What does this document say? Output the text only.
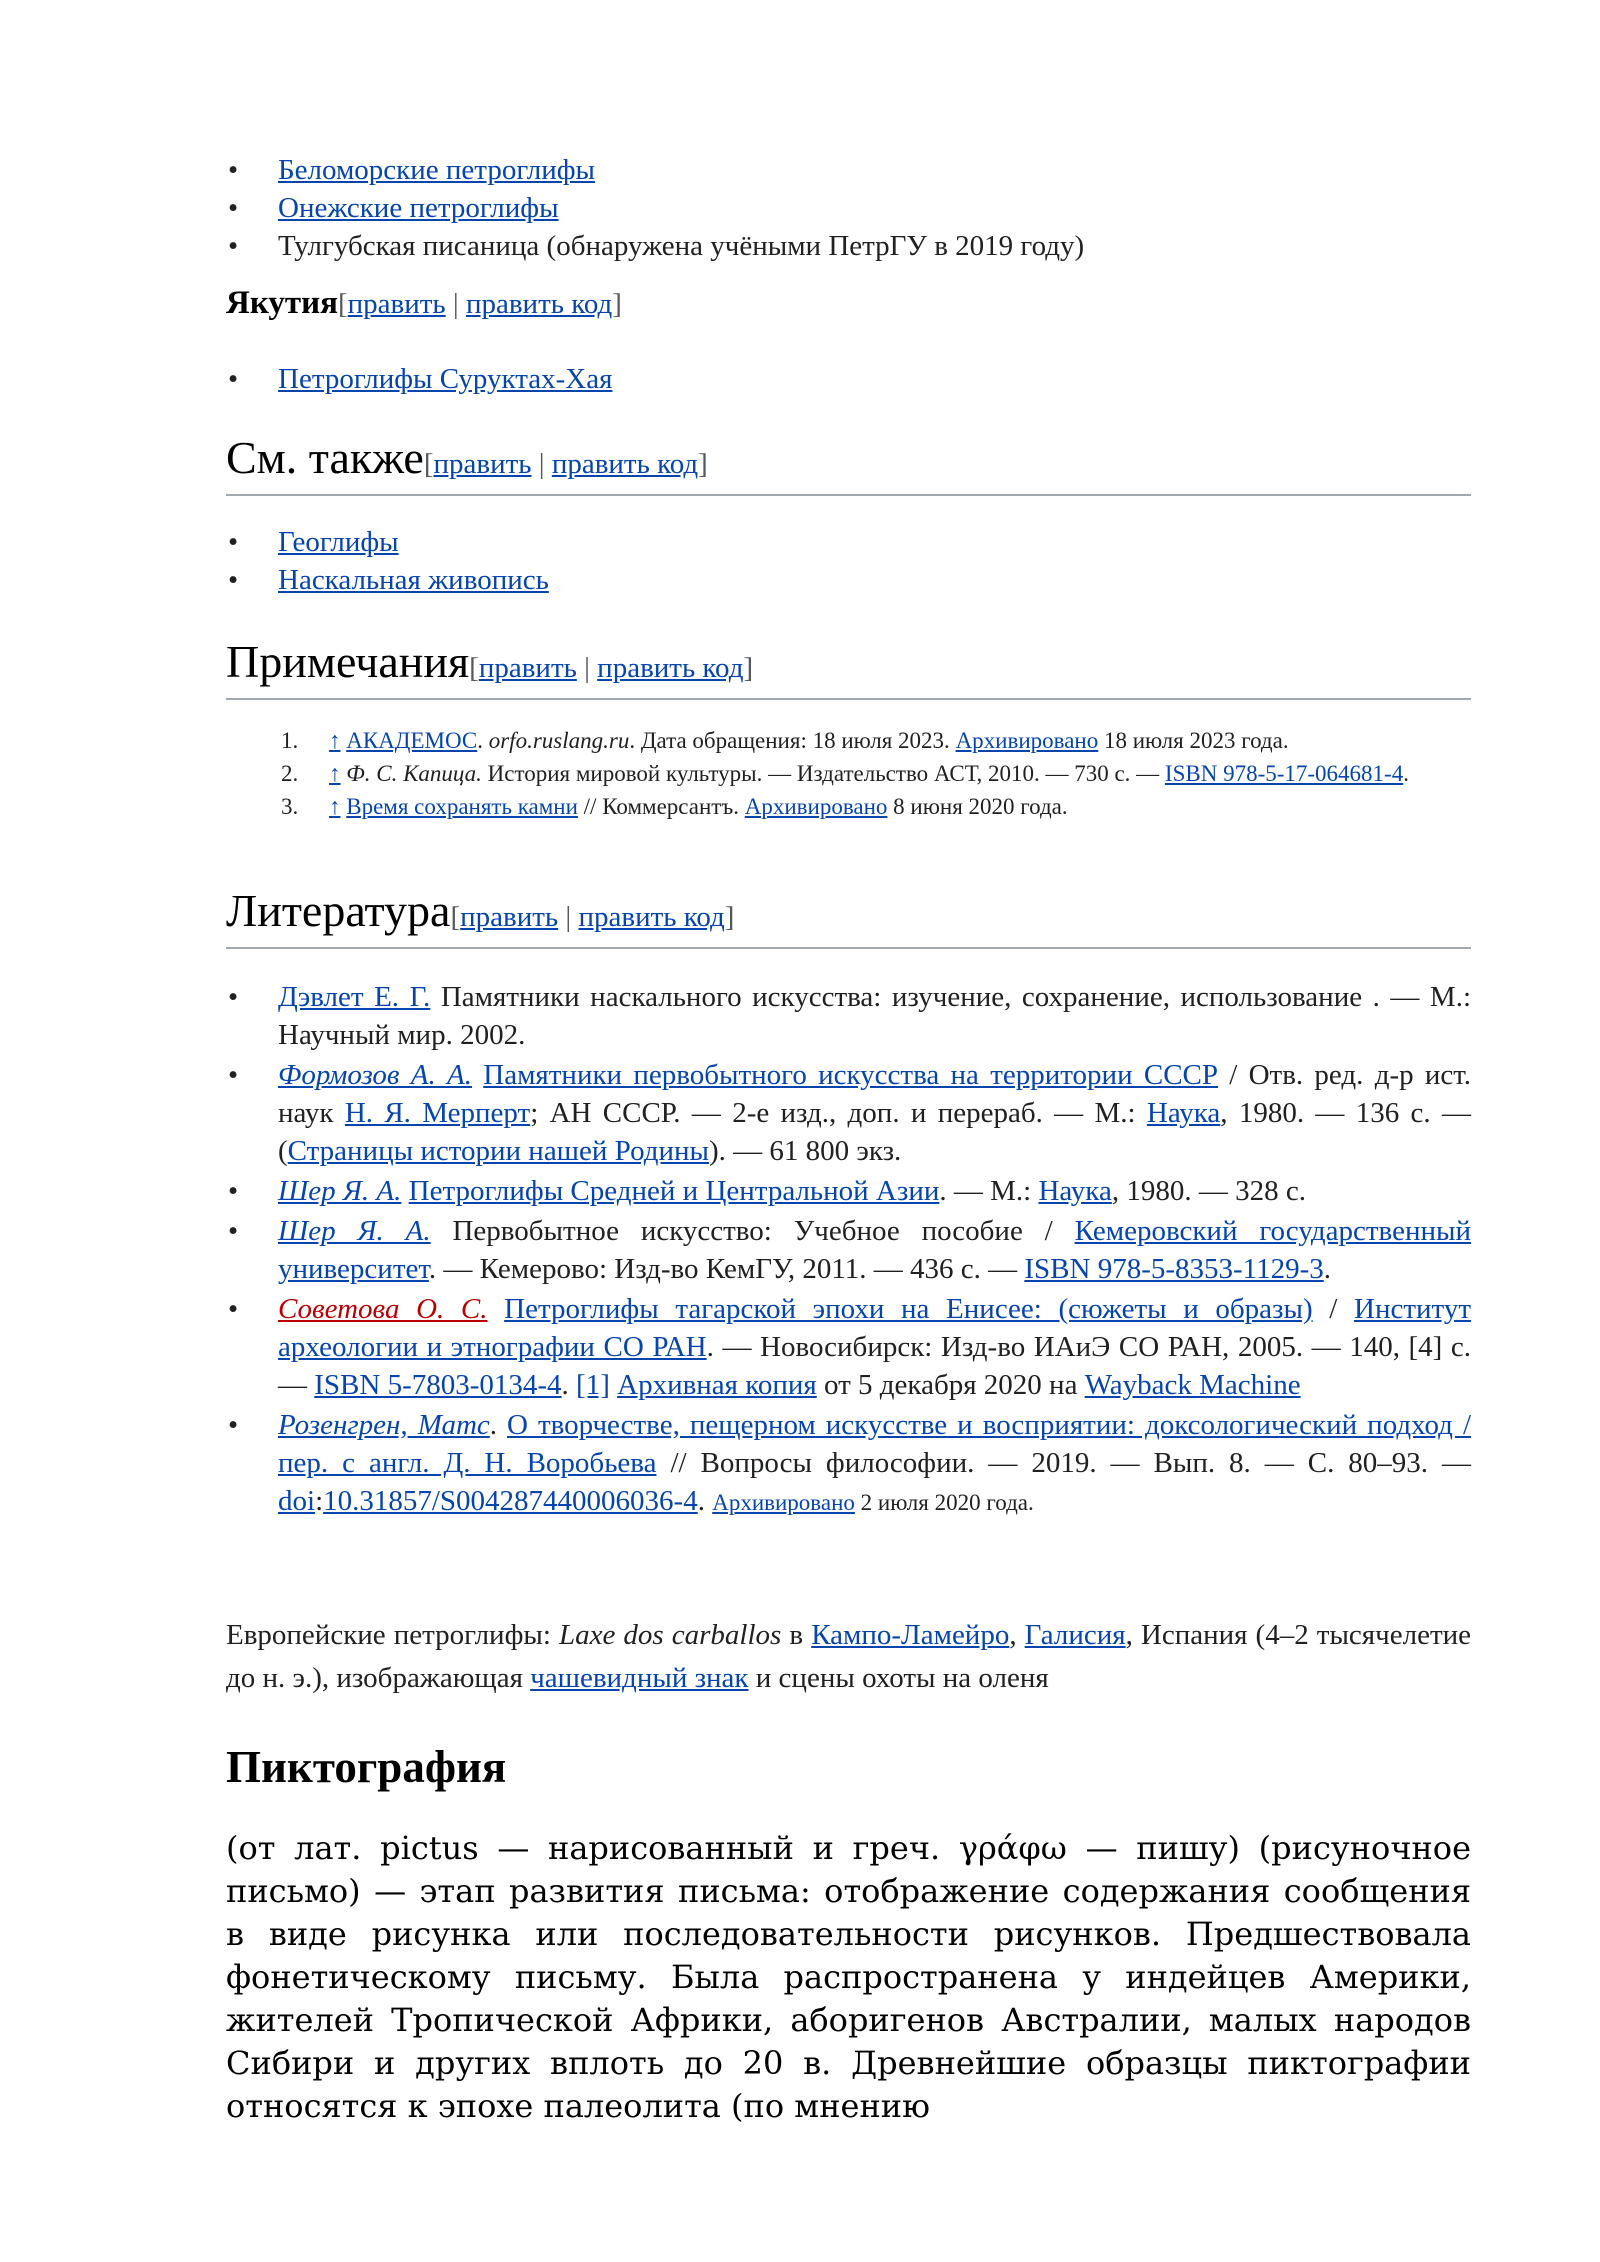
• Беломорские петроглифы
• Онежские петроглифы
• Тулгубская писаница (обнаружена учёными ПетрГУ в 2019 году)
Якутия[править | править код]
• Петроглифы Суруктах-Хая
См. также[править | править код]
• Геоглифы
• Наскальная живопись
Примечания[править | править код]
1. ↑ АКАДЕМОС. orfo.ruslang.ru. Дата обращения: 18 июля 2023. Архивировано 18 июля 2023 года.
2. ↑ Ф. С. Капица. История мировой культуры. — Издательство АСТ, 2010. — 730 с. — ISBN 978-5-17-064681-4.
3. ↑ Время сохранять камни // Коммерсантъ. Архивировано 8 июня 2020 года.
Литература[править | править код]
• Дэвлет Е. Г. Памятники наскального искусства: изучение, сохранение, использование . — М.: Научный мир. 2002.
• Формозов А. А. Памятники первобытного искусства на территории СССР / Отв. ред. д-р ист. наук Н. Я. Мерперт; АН СССР. — 2-е изд., доп. и перераб. — М.: Наука, 1980. — 136 с. — (Страницы истории нашей Родины). — 61 800 экз.
• Шер Я. А. Петроглифы Средней и Центральной Азии. — М.: Наука, 1980. — 328 с.
• Шер Я. А. Первобытное искусство: Учебное пособие / Кемеровский государственный университет. — Кемерово: Изд-во КемГУ, 2011. — 436 с. — ISBN 978-5-8353-1129-3.
• Советова О. С. Петроглифы тагарской эпохи на Енисее: (сюжеты и образы) / Институт археологии и этнографии СО РАН. — Новосибирск: Изд-во ИАиЭ СО РАН, 2005. — 140, [4] с. — ISBN 5-7803-0134-4. [1] Архивная копия от 5 декабря 2020 на Wayback Machine
• Розенгрен, Матс. О творчестве, пещерном искусстве и восприятии: доксологический подход / пер. с англ. Д. Н. Воробьева // Вопросы философии. — 2019. — Вып. 8. — С. 80–93. — doi:10.31857/S004287440006036-4. Архивировано 2 июля 2020 года.
Европейские петроглифы: Laxe dos carballos в Кампо-Ламейро, Галисия, Испания (4–2 тысячелетие до н. э.), изображающая чашевидный знак и сцены охоты на оленя
Пиктография

(от лат. pictus — нарисованный и греч. γράφω — пишу) (рисуночное письмо) — этап развития письма: отображение содержания сообщения в виде рисунка или последовательности рисунков. Предшествовала фонетическому письму. Была распространена у индейцев Америки, жителей Тропической Африки, аборигенов Австралии, малых народов Сибири и других вплоть до 20 в. Древнейшие образцы пиктографии относятся к эпохе палеолита (по мнению
